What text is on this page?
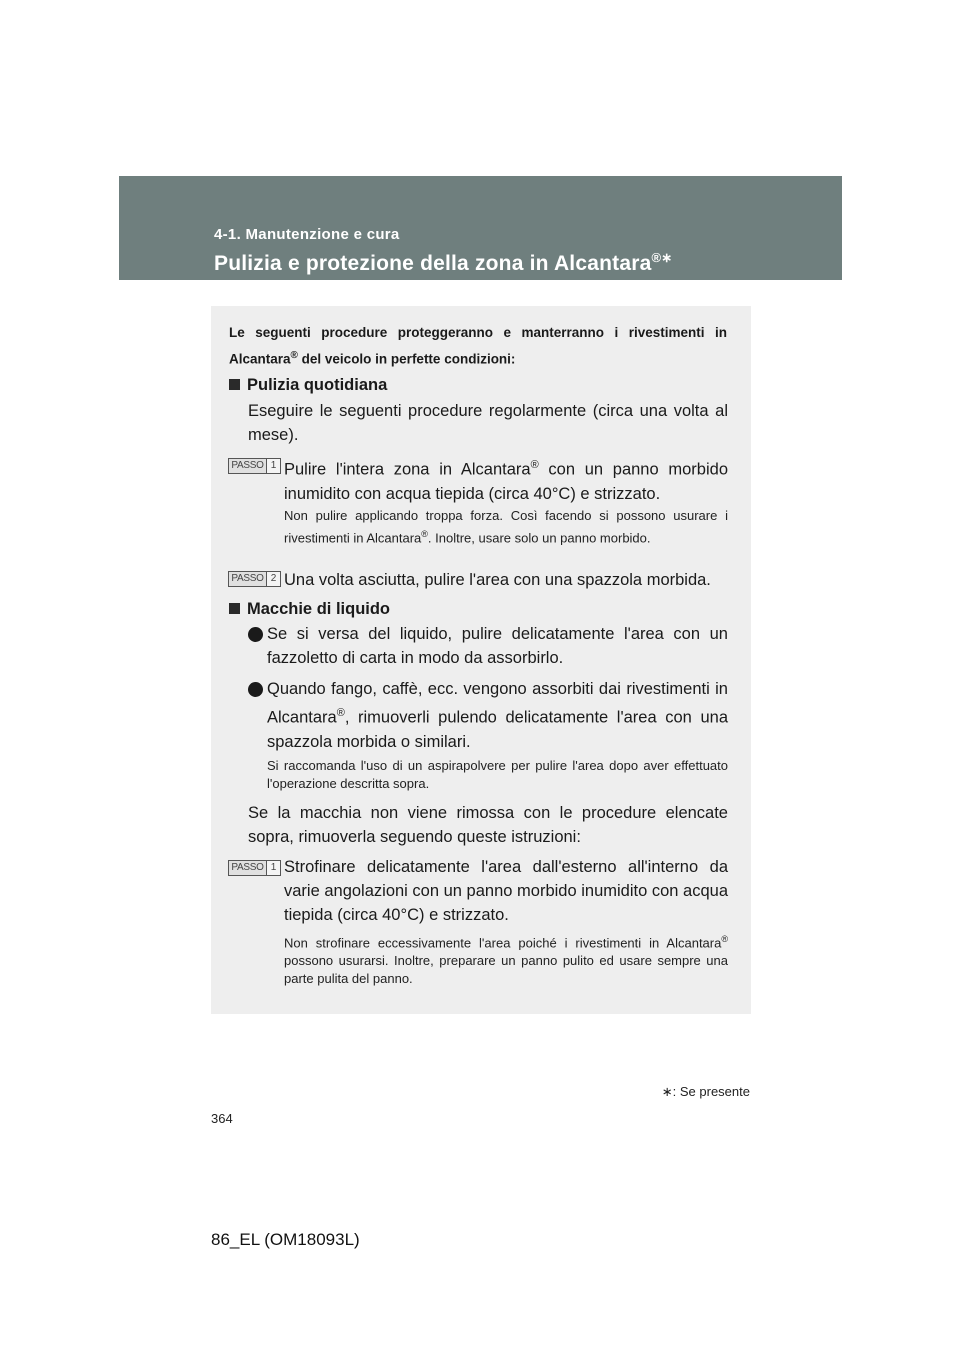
4-1. Manutenzione e cura
Pulizia e protezione della zona in Alcantara®∗
Le seguenti procedure proteggeranno e manterranno i rivestimenti in Alcantara® del veicolo in perfette condizioni:
Pulizia quotidiana
Eseguire le seguenti procedure regolarmente (circa una volta al mese).
PASSO 1 Pulire l'intera zona in Alcantara® con un panno morbido inumidito con acqua tiepida (circa 40°C) e strizzato.
Non pulire applicando troppa forza. Così facendo si possono usurare i rivestimenti in Alcantara®. Inoltre, usare solo un panno morbido.
PASSO 2 Una volta asciutta, pulire l'area con una spazzola morbida.
Macchie di liquido
Se si versa del liquido, pulire delicatamente l'area con un fazzoletto di carta in modo da assorbirlo.
Quando fango, caffè, ecc. vengono assorbiti dai rivestimenti in Alcantara®, rimuoverli pulendo delicatamente l'area con una spazzola morbida o similari.
Si raccomanda l'uso di un aspirapolvere per pulire l'area dopo aver effettuato l'operazione descritta sopra.
Se la macchia non viene rimossa con le procedure elencate sopra, rimuoverla seguendo queste istruzioni:
PASSO 1 Strofinare delicatamente l'area dall'esterno all'interno da varie angolazioni con un panno morbido inumidito con acqua tiepida (circa 40°C) e strizzato.
Non strofinare eccessivamente l'area poiché i rivestimenti in Alcantara® possono usurarsi. Inoltre, preparare un panno pulito ed usare sempre una parte pulita del panno.
∗: Se presente
364
86_EL (OM18093L)
